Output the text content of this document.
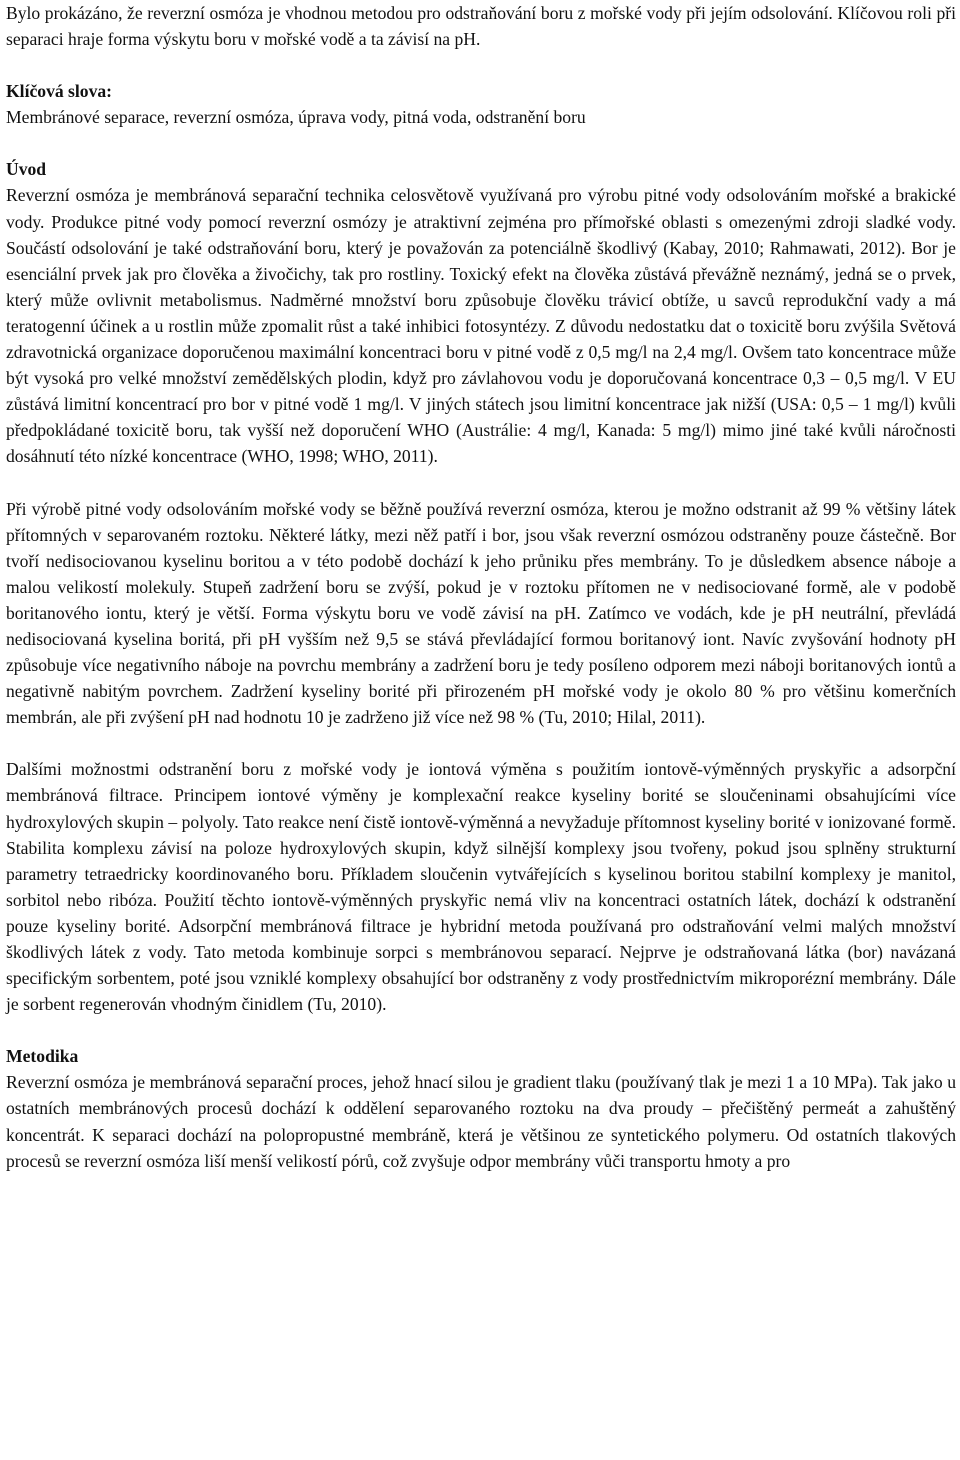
Bylo prokázáno, že reverzní osmóza je vhodnou metodou pro odstraňování boru z mořské vody při jejím odsolování. Klíčovou roli při separaci hraje forma výskytu boru v mořské vodě a ta závisí na pH.

Klíčová slova:

Membránové separace, reverzní osmóza, úprava vody, pitná voda, odstranění boru

Úvod

Reverzní osmóza je membránová separační technika celosvětově využívaná pro výrobu pitné vody odsolováním mořské a brakické vody. Produkce pitné vody pomocí reverzní osmózy je atraktivní zejména pro přímořské oblasti s omezenými zdroji sladké vody. Součástí odsolování je také odstraňování boru, který je považován za potenciálně škodlivý (Kabay, 2010; Rahmawati, 2012). Bor je esenciální prvek jak pro člověka a živočichy, tak pro rostliny. Toxický efekt na člověka zůstává převážně neznámý, jedná se o prvek, který může ovlivnit metabolismus. Nadměrné množství boru způsobuje člověku trávicí obtíže, u savců reprodukční vady a má teratogenní účinek a u rostlin může zpomalit růst a také inhibici fotosyntézy. Z důvodu nedostatku dat o toxicitě boru zvýšila Světová zdravotnická organizace doporučenou maximální koncentraci boru v pitné vodě z 0,5 mg/l na 2,4 mg/l. Ovšem tato koncentrace může být vysoká pro velké množství zemědělských plodin, když pro závlahovou vodu je doporučovaná koncentrace 0,3 – 0,5 mg/l. V EU zůstává limitní koncentrací pro bor v pitné vodě 1 mg/l. V jiných státech jsou limitní koncentrace jak nižší (USA: 0,5 – 1 mg/l) kvůli předpokládané toxicitě boru, tak vyšší než doporučení WHO (Austrálie: 4 mg/l, Kanada: 5 mg/l) mimo jiné také kvůli náročnosti dosáhnutí této nízké koncentrace (WHO, 1998; WHO, 2011).

Při výrobě pitné vody odsolováním mořské vody se běžně používá reverzní osmóza, kterou je možno odstranit až 99 % většiny látek přítomných v separovaném roztoku. Některé látky, mezi něž patří i bor, jsou však reverzní osmózou odstraněny pouze částečně. Bor tvoří nedisociovanou kyselinu boritou a v této podobě dochází k jeho průniku přes membrány. To je důsledkem absence náboje a malou velikostí molekuly. Stupeň zadržení boru se zvýší, pokud je v roztoku přítomen ne v nedisociované formě, ale v podobě boritanového iontu, který je větší. Forma výskytu boru ve vodě závisí na pH. Zatímco ve vodách, kde je pH neutrální, převládá nedisociovaná kyselina boritá, při pH vyšším než 9,5 se stává převládající formou boritanový iont. Navíc zvyšování hodnoty pH způsobuje více negativního náboje na povrchu membrány a zadržení boru je tedy posíleno odporem mezi náboji boritanových iontů a negativně nabitým povrchem. Zadržení kyseliny borité při přirozeném pH mořské vody je okolo 80 % pro většinu komerčních membrán, ale při zvýšení pH nad hodnotu 10 je zadrženo již více než 98 % (Tu, 2010; Hilal, 2011).

Dalšími možnostmi odstranění boru z mořské vody je iontová výměna s použitím iontově-výměnných pryskyřic a adsorpční membránová filtrace. Principem iontové výměny je komplexační reakce kyseliny borité se sloučeninami obsahujícími více hydroxylových skupin – polyoly. Tato reakce není čistě iontově-výměnná a nevyžaduje přítomnost kyseliny borité v ionizované formě. Stabilita komplexu závisí na poloze hydroxylových skupin, když silnější komplexy jsou tvořeny, pokud jsou splněny strukturní parametry tetraedricky koordinovaného boru. Příkladem sloučenin vytvářejících s kyselinou boritou stabilní komplexy je manitol, sorbitol nebo ribóza. Použití těchto iontově-výměnných pryskyřic nemá vliv na koncentraci ostatních látek, dochází k odstranění pouze kyseliny borité. Adsorpční membránová filtrace je hybridní metoda používaná pro odstraňování velmi malých množství škodlivých látek z vody. Tato metoda kombinuje sorpci s membránovou separací. Nejprve je odstraňovaná látka (bor) navázaná specifickým sorbentem, poté jsou vzniklé komplexy obsahující bor odstraněny z vody prostřednictvím mikroporézní membrány. Dále je sorbent regenerován vhodným činidlem (Tu, 2010).

Metodika

Reverzní osmóza je membránová separační proces, jehož hnací silou je gradient tlaku (používaný tlak je mezi 1 a 10 MPa). Tak jako u ostatních membránových procesů dochází k oddělení separovaného roztoku na dva proudy – přečištěný permeát a zahuštěný koncentrát. K separaci dochází na polopropustné membráně, která je většinou ze syntetického polymeru. Od ostatních tlakových procesů se reverzní osmóza liší menší velikostí pórů, což zvyšuje odpor membrány vůči transportu hmoty a pro
